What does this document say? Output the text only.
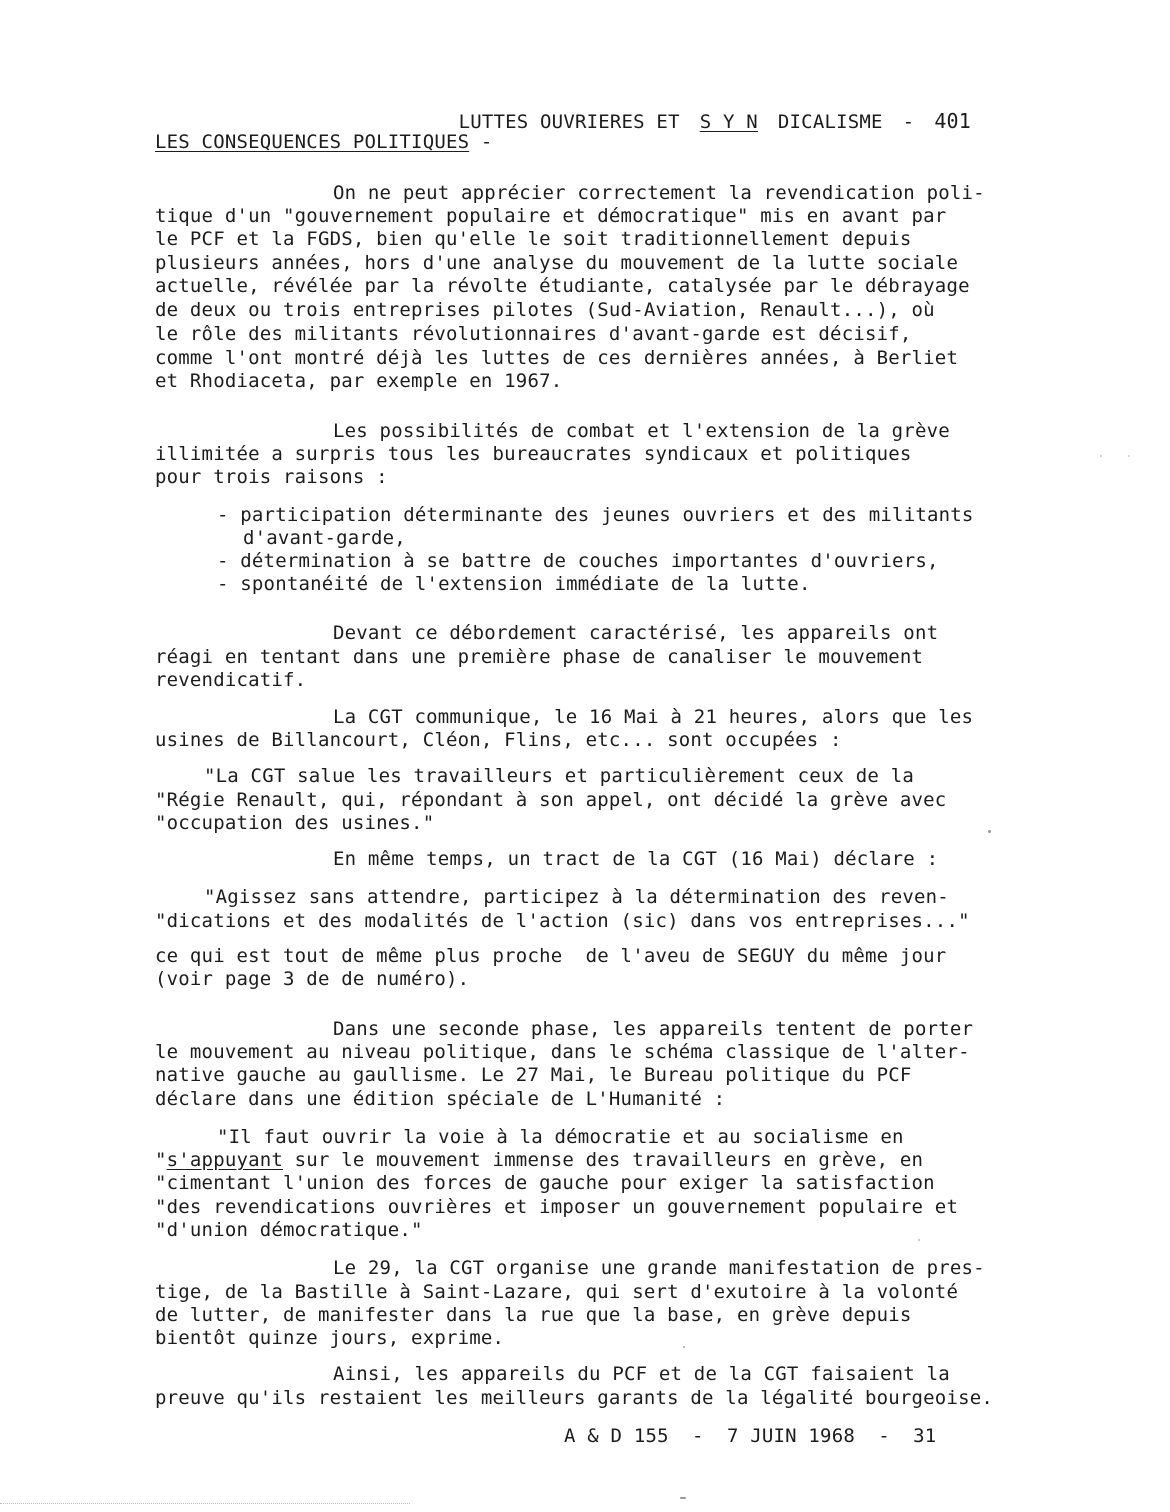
LUTTES OUVRIERES ET S Y N DICALISME - 401

LES CONSEQUENCES POLITIQUES -
On ne peut apprécier correctement la revendication poli-
tique d'un "gouvernement populaire et démocratique" mis en avant par
le PCF et la FGDS, bien qu'elle le soit traditionnellement depuis
plusieurs années, hors d'une analyse du mouvement de la lutte sociale
actuelle, révélée par la révolte étudiante, catalysée par le débrayage
de deux ou trois entreprises pilotes (Sud-Aviation, Renault...), où
le rôle des militants révolutionnaires d'avant-garde est décisif,
comme l'ont montré déjà les luttes de ces dernières années, à Berliet
et Rhodiaceta, par exemple en 1967.
Les possibilités de combat et l'extension de la grève
illimitée a surpris tous les bureaucrates syndicaux et politiques
pour trois raisons :
- participation déterminante des jeunes ouvriers et des militants
d'avant-garde,
- détermination à se battre de couches importantes d'ouvriers,
- spontanéité de l'extension immédiate de la lutte.
Devant ce débordement caractérisé, les appareils ont
réagi en tentant dans une première phase de canaliser le mouvement
revendicatif.
La CGT communique, le 16 Mai à 21 heures, alors que les
usines de Billancourt, Cléon, Flins, etc... sont occupées :
"La CGT salue les travailleurs et particulièrement ceux de la
"Régie Renault, qui, répondant à son appel, ont décidé la grève avec
"occupation des usines."
En même temps, un tract de la CGT (16 Mai) déclare :
"Agissez sans attendre, participez à la détermination des reven-
"dications et des modalités de l'action (sic) dans vos entreprises..."
ce qui est tout de même plus proche  de l'aveu de SEGUY du même jour
(voir page 3 de de numéro).
Dans une seconde phase, les appareils tentent de porter
le mouvement au niveau politique, dans le schéma classique de l'alter-
native gauche au gaullisme. Le 27 Mai, le Bureau politique du PCF
déclare dans une édition spéciale de L'Humanité :
"Il faut ouvrir la voie à la démocratie et au socialisme en
"s'appuyant sur le mouvement immense des travailleurs en grève, en
"cimentant l'union des forces de gauche pour exiger la satisfaction
"des revendications ouvrières et imposer un gouvernement populaire et
"d'union démocratique."
Le 29, la CGT organise une grande manifestation de pres-
tige, de la Bastille à Saint-Lazare, qui sert d'exutoire à la volonté
de lutter, de manifester dans la rue que la base, en grève depuis
bientôt quinze jours, exprime.
Ainsi, les appareils du PCF et de la CGT faisaient la
preuve qu'ils restaient les meilleurs garants de la légalité bourgeoise.
A & D 155  -  7 JUIN 1968  -  31
